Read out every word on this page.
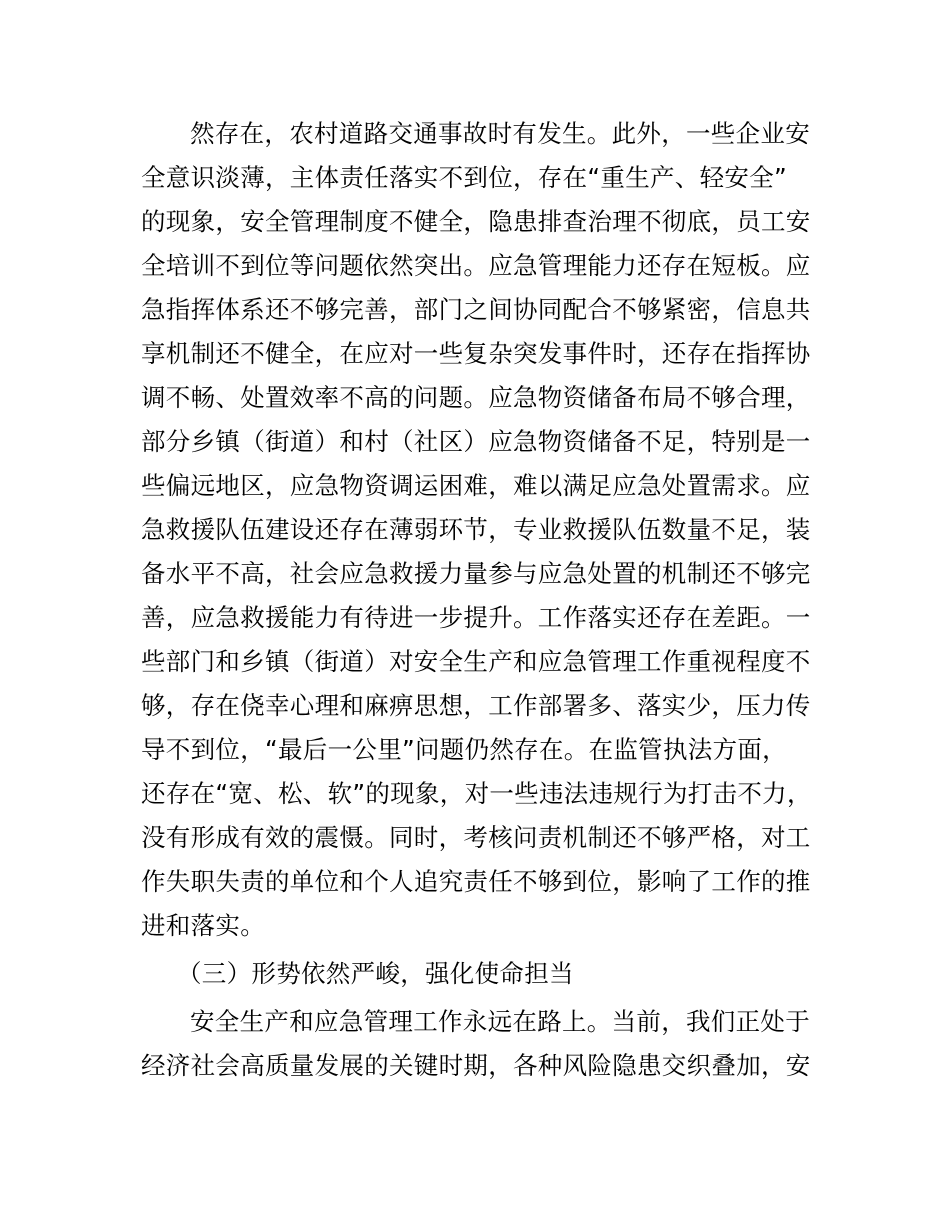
然存在，农村道路交通事故时有发生。此外，一些企业安
全意识淡薄，主体责任落实不到位，存在“重生产、轻安全”
的现象，安全管理制度不健全，隐患排查治理不彻底，员工安
全培训不到位等问题依然突出。应急管理能力还存在短板。应
急指挥体系还不够完善，部门之间协同配合不够紧密，信息共
享机制还不健全，在应对一些复杂突发事件时，还存在指挥协
调不畅、处置效率不高的问题。应急物资储备布局不够合理，
部分乡镇（街道）和村（社区）应急物资储备不足，特别是一
些偏远地区，应急物资调运困难，难以满足应急处置需求。应
急救援队伍建设还存在薄弱环节，专业救援队伍数量不足，装
备水平不高，社会应急救援力量参与应急处置的机制还不够完
善，应急救援能力有待进一步提升。工作落实还存在差距。一
些部门和乡镇（街道）对安全生产和应急管理工作重视程度不
够，存在侥幸心理和麻痹思想，工作部署多、落实少，压力传
导不到位，“最后一公里”问题仍然存在。在监管执法方面，
还存在“宽、松、软”的现象，对一些违法违规行为打击不力，
没有形成有效的震慑。同时，考核问责机制还不够严格，对工
作失职失责的单位和个人追究责任不够到位，影响了工作的推
进和落实。
（三）形势依然严峻，强化使命担当
安全生产和应急管理工作永远在路上。当前，我们正处于
经济社会高质量发展的关键时期，各种风险隐患交织叠加，安
